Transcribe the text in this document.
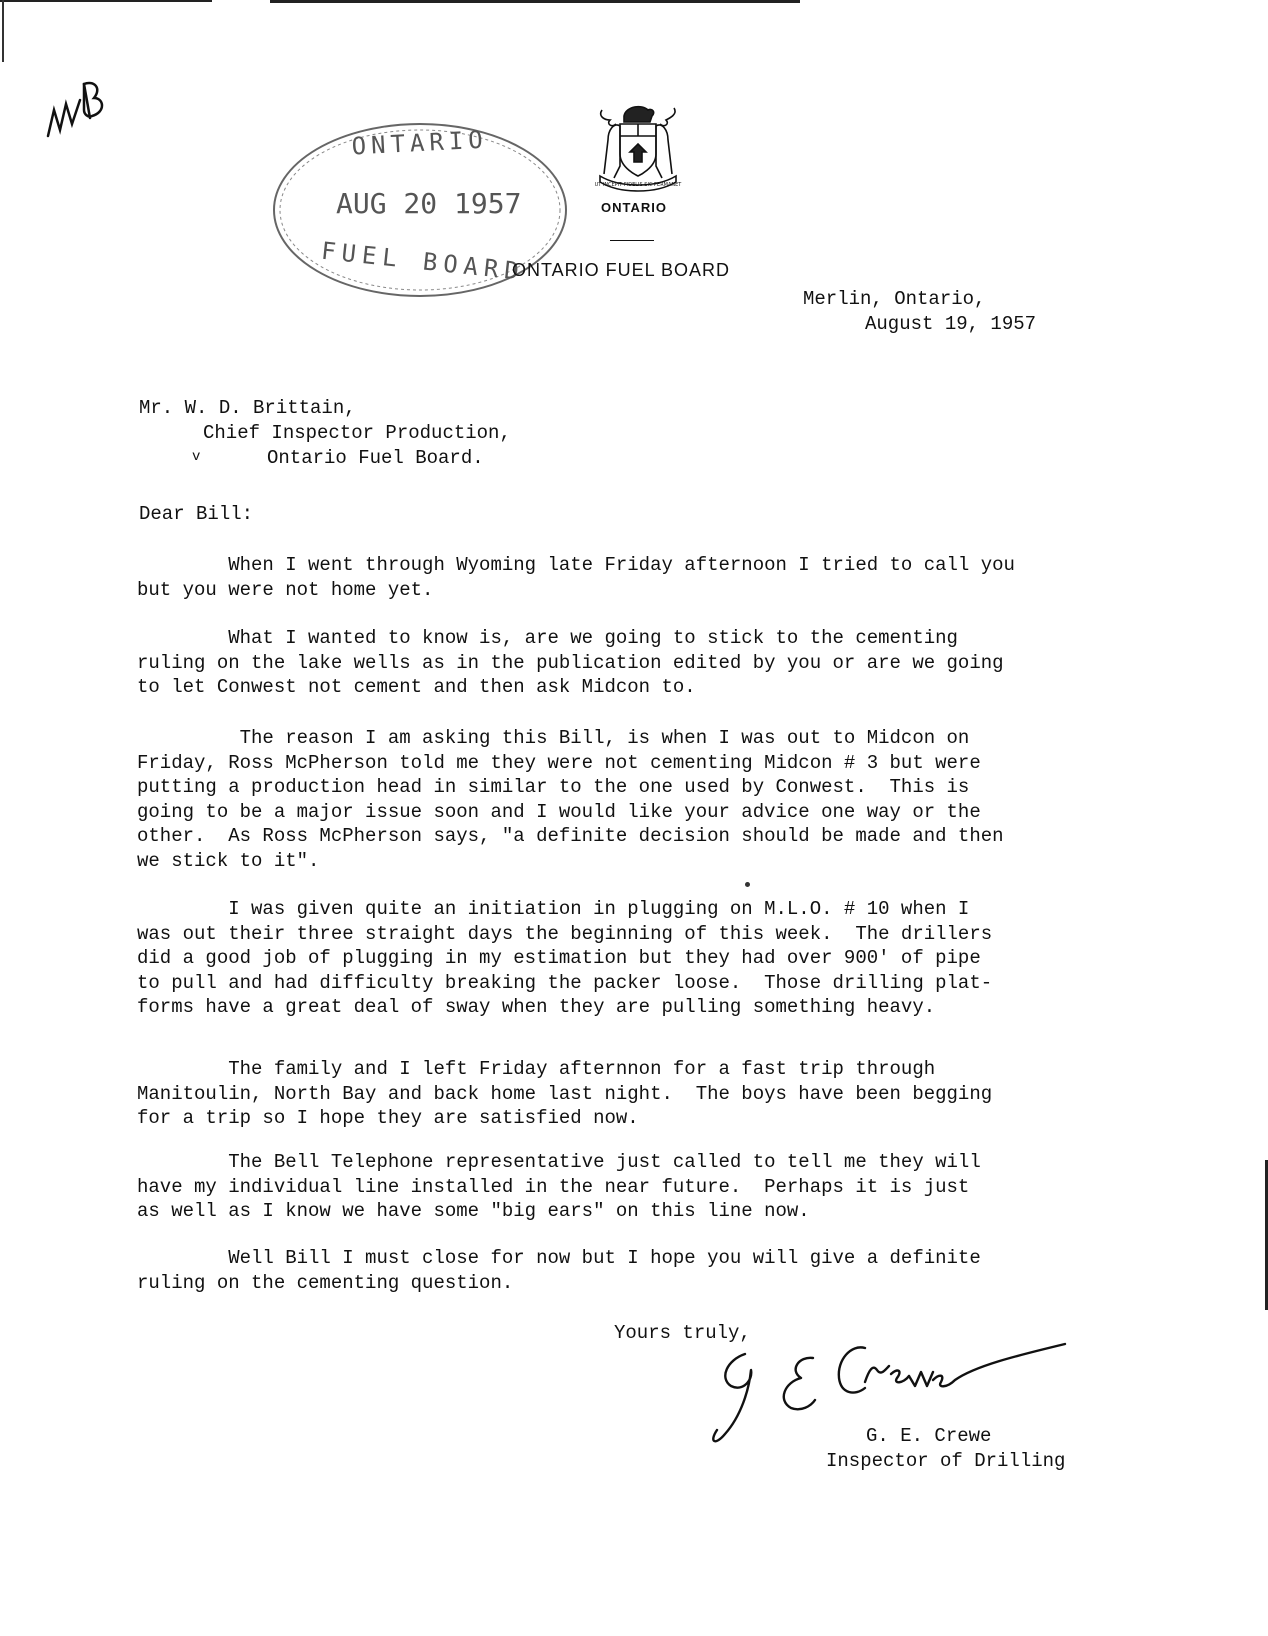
ONTARIO
AUG 20 1957
FUEL BOARD
UT INCEPIT FIDELIS SIC PERMANET
ONTARIO
ONTARIO FUEL BOARD
Merlin, Ontario,
August 19, 1957
Mr. W. D. Brittain,
Chief Inspector Production,
v	Ontario Fuel Board.
Dear Bill:

When I went through Wyoming late Friday afternoon I tried to call you
but you were not home yet.

What I wanted to know is, are we going to stick to the cementing
ruling on the lake wells as in the publication edited by you or are we going
to let Conwest not cement and then ask Midcon to.

The reason I am asking this Bill, is when I was out to Midcon on
Friday, Ross McPherson told me they were not cementing Midcon # 3 but were
putting a production head in similar to the one used by Conwest.  This is
going to be a major issue soon and I would like your advice one way or the
other.  As Ross McPherson says, "a definite decision should be made and then
we stick to it".

I was given quite an initiation in plugging on M.L.O. # 10 when I
was out their three straight days the beginning of this week.  The drillers
did a good job of plugging in my estimation but they had over 900' of pipe
to pull and had difficulty breaking the packer loose.  Those drilling plat-
forms have a great deal of sway when they are pulling something heavy.

The family and I left Friday afternnon for a fast trip through
Manitoulin, North Bay and back home last night.  The boys have been begging
for a trip so I hope they are satisfied now.

The Bell Telephone representative just called to tell me they will
have my individual line installed in the near future.  Perhaps it is just
as well as I know we have some "big ears" on this line now.

Well Bill I must close for now but I hope you will give a definite
ruling on the cementing question.

Yours truly,
G. E. Crewe
Inspector of Drilling
